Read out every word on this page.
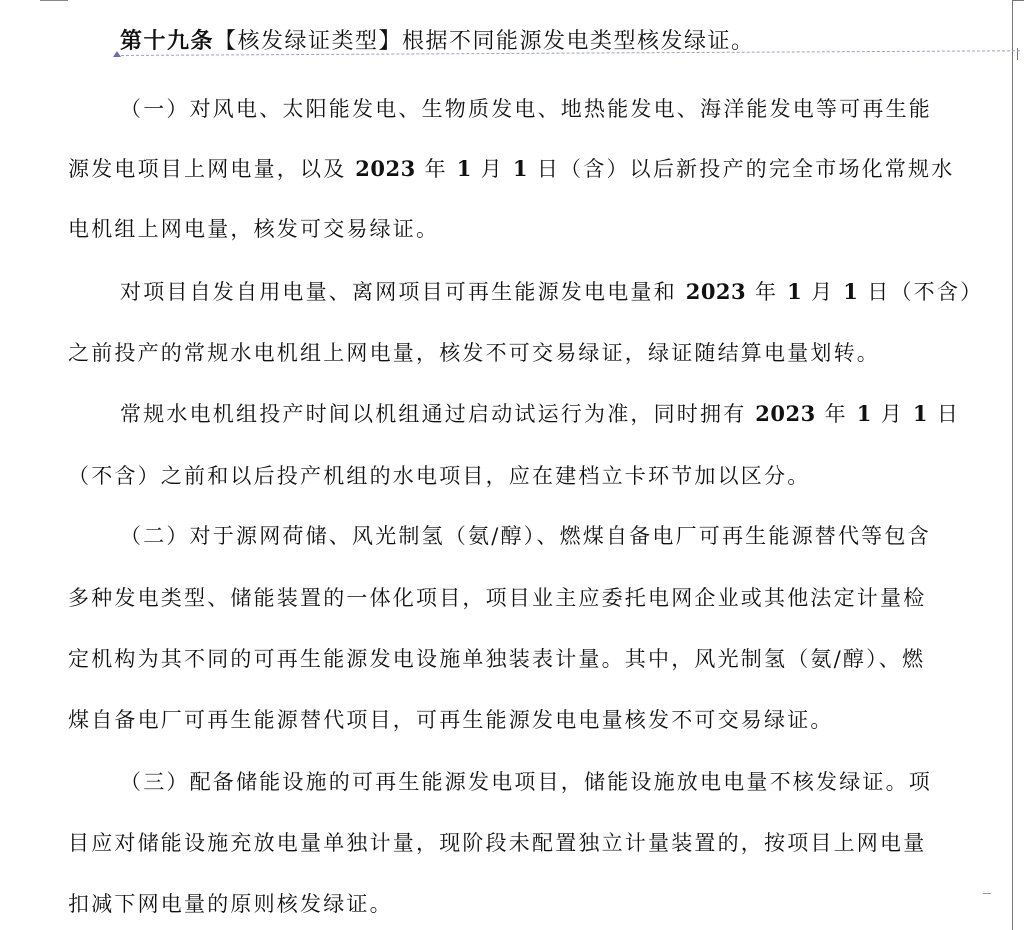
第十九条【核发绿证类型】根据不同能源发电类型核发绿证。
（一）对风电、太阳能发电、生物质发电、地热能发电、海洋能发电等可再生能
源发电项目上网电量，以及 2023 年 1 月 1 日（含）以后新投产的完全市场化常规水
电机组上网电量，核发可交易绿证。
对项目自发自用电量、离网项目可再生能源发电电量和 2023 年 1 月 1 日（不含）
之前投产的常规水电机组上网电量，核发不可交易绿证，绿证随结算电量划转。
常规水电机组投产时间以机组通过启动试运行为准，同时拥有 2023 年 1 月 1 日
（不含）之前和以后投产机组的水电项目，应在建档立卡环节加以区分。
（二）对于源网荷储、风光制氢（氨/醇）、燃煤自备电厂可再生能源替代等包含
多种发电类型、储能装置的一体化项目，项目业主应委托电网企业或其他法定计量检
定机构为其不同的可再生能源发电设施单独装表计量。其中，风光制氢（氨/醇）、燃
煤自备电厂可再生能源替代项目，可再生能源发电电量核发不可交易绿证。
（三）配备储能设施的可再生能源发电项目，储能设施放电电量不核发绿证。项
目应对储能设施充放电量单独计量，现阶段未配置独立计量装置的，按项目上网电量
扣减下网电量的原则核发绿证。
